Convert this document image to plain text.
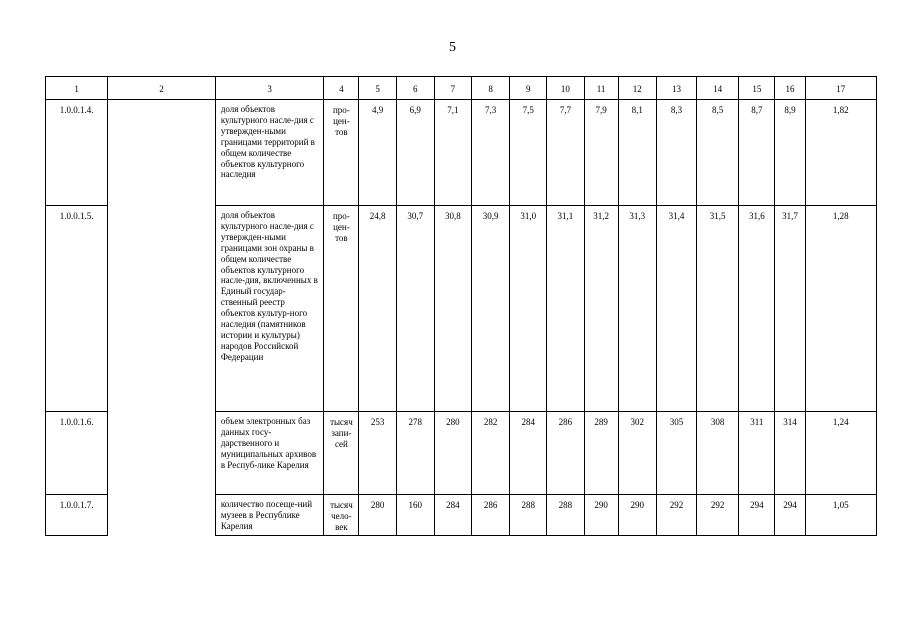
5
1	2	3	4	5	6	7	8	9	10	11	12	13	14	15	16	17
1.0.0.1.4.		доля объектов культурного насле-дия с утвержден-ными границами территорий в общем количестве объектов культурного наследия	про-цен-тов	4,9	6,9	7,1	7,3	7,5	7,7	7,9	8,1	8,3	8,5	8,7	8,9	1,82
1.0.0.1.5.		доля объектов культурного насле-дия с утвержден-ными границами зон охраны в общем количестве объектов культурного насле-дия, включенных в Единый государ-ственный реестр объектов культур-ного наследия (памятников истории и культуры) народов Российской Федерации	про-цен-тов	24,8	30,7	30,8	30,9	31,0	31,1	31,2	31,3	31,4	31,5	31,6	31,7	1,28
1.0.0.1.6.		объем электронных баз данных госу-дарственного и муниципальных архивов в Респуб-лике Карелия	тысяч запи-сей	253	278	280	282	284	286	289	302	305	308	311	314	1,24
1.0.0.1.7.		количество посеще-ний музеев в Республике Карелия	тысяч чело-век	280	160	284	286	288	288	290	290	292	292	294	294	1,05
